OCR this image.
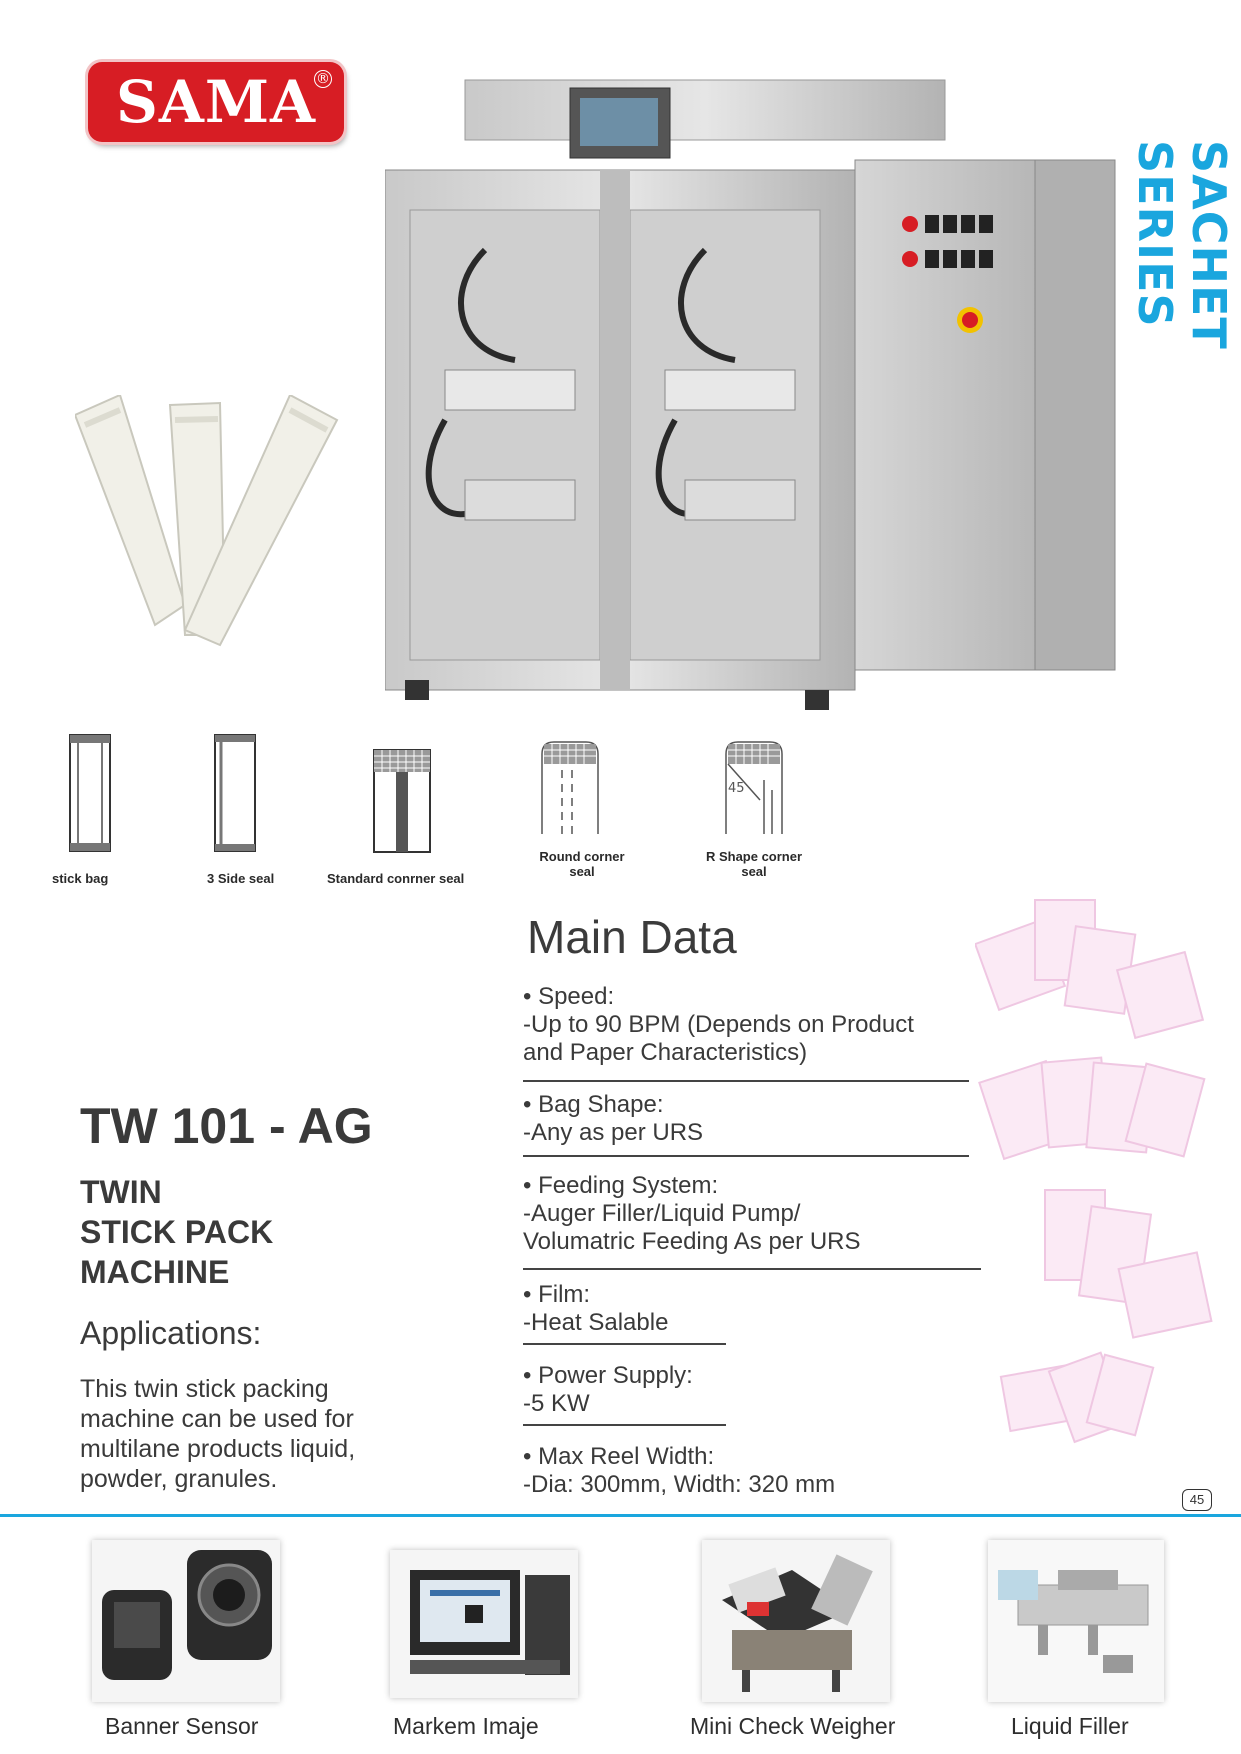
SAMA ®
SACHET SERIES
stick bag	3 Side seal	Standard conrner seal
Round corner
seal
45
R Shape corner
seal
Main Data
• Speed:
-Up to 90 BPM (Depends on Product
and Paper Characteristics)
• Bag Shape:
-Any as per URS
• Feeding System:
-Auger Filler/Liquid Pump/
Volumatric Feeding As per URS
• Film:
-Heat Salable
• Power Supply:
-5 KW
• Max Reel Width:
-Dia: 300mm, Width: 320 mm
TW 101 - AG
TWIN
STICK PACK
MACHINE
Applications:
This twin stick packing machine can be used for multilane products liquid, powder, granules.
45
Banner Sensor	Markem Imaje	Mini Check Weigher	Liquid Filler
